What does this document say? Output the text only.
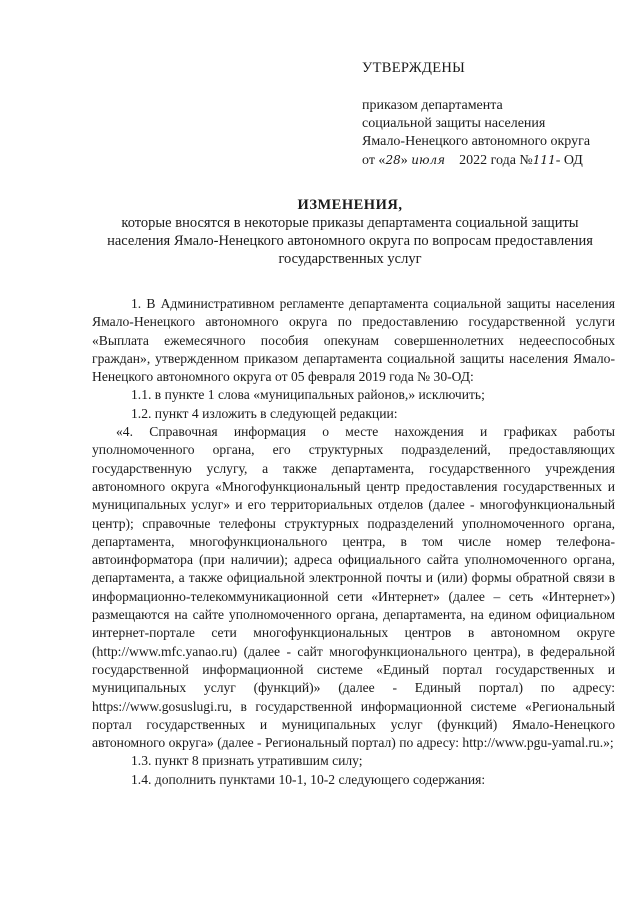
УТВЕРЖДЕНЫ
приказом департамента
социальной защиты населения
Ямало-Ненецкого автономного округа
от «28» июля 2022 года №111- ОД
ИЗМЕНЕНИЯ,
которые вносятся в некоторые приказы департамента социальной защиты
населения Ямало-Ненецкого автономного округа по вопросам предоставления
государственных услуг

1. В Административном регламенте департамента социальной защиты населения Ямало-Ненецкого автономного округа по предоставлению государственной услуги «Выплата ежемесячного пособия опекунам совершеннолетних недееспособных граждан», утвержденном приказом департамента социальной защиты населения Ямало-Ненецкого автономного округа от 05 февраля 2019 года № 30-ОД:

1.1. в пункте 1 слова «муниципальных районов,» исключить;

1.2. пункт 4 изложить в следующей редакции:

«4. Справочная информация о месте нахождения и графиках работы уполномоченного органа, его структурных подразделений, предоставляющих государственную услугу, а также департамента, государственного учреждения автономного округа «Многофункциональный центр предоставления государственных и муниципальных услуг» и его территориальных отделов (далее - многофункциональный центр); справочные телефоны структурных подразделений уполномоченного органа, департамента, многофункционального центра, в том числе номер телефона-автоинформатора (при наличии); адреса официального сайта уполномоченного органа, департамента, а также официальной электронной почты и (или) формы обратной связи в информационно-телекоммуникационной сети «Интернет» (далее – сеть «Интернет») размещаются на сайте уполномоченного органа, департамента, на едином официальном интернет-портале сети многофункциональных центров в автономном округе (http://www.mfc.yanao.ru) (далее - сайт многофункционального центра), в федеральной государственной информационной системе «Единый портал государственных и муниципальных услуг (функций)» (далее - Единый портал) по адресу: https://www.gosuslugi.ru, в государственной информационной системе «Региональный портал государственных и муниципальных услуг (функций) Ямало-Ненецкого автономного округа» (далее - Региональный портал) по адресу: http://www.pgu-yamal.ru.»;

1.3. пункт 8 признать утратившим силу;

1.4. дополнить пунктами 10-1, 10-2 следующего содержания:
